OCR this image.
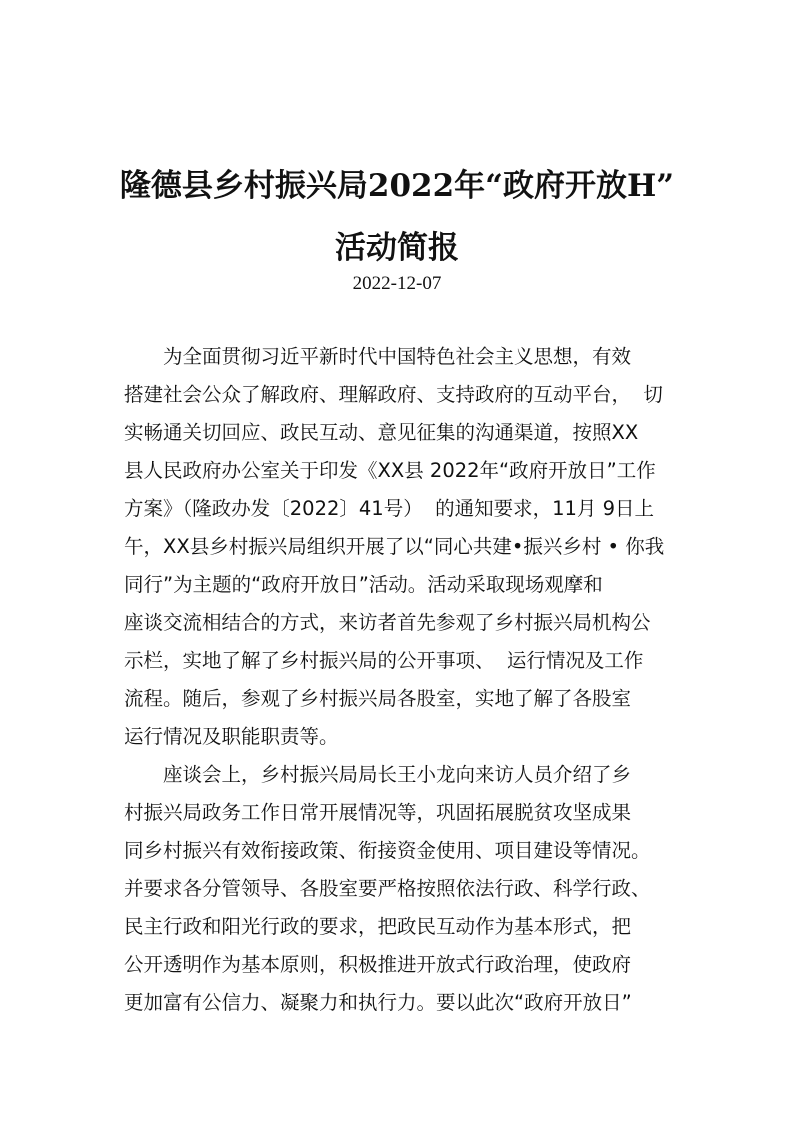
隆德县乡村振兴局2022年“政府开放H”
活动简报
2022-12-07
为全面贯彻习近平新时代中国特色社会主义思想，有效
搭建社会公众了解政府、理解政府、支持政府的互动平台，  切
实畅通关切回应、政民互动、意见征集的沟通渠道，按照XX
县人民政府办公室关于印发《XX县 2022年“政府开放日”工作
方案》（隆政办发〔2022〕41号）  的通知要求，11月 9日上
午，XX县乡村振兴局组织开展了以“同心共建•振兴乡村 • 你我
同行”为主题的“政府开放日”活动。活动采取现场观摩和
座谈交流相结合的方式，来访者首先参观了乡村振兴局机构公
示栏，实地了解了乡村振兴局的公开事项、  运行情况及工作
流程。随后，参观了乡村振兴局各股室，实地了解了各股室
运行情况及职能职责等。
座谈会上，乡村振兴局局长王小龙向来访人员介绍了乡
村振兴局政务工作日常开展情况等，巩固拓展脱贫攻坚成果
同乡村振兴有效衔接政策、衔接资金使用、项目建设等情况。
并要求各分管领导、各股室要严格按照依法行政、科学行政、
民主行政和阳光行政的要求，把政民互动作为基本形式，把
公开透明作为基本原则，积极推进开放式行政治理，使政府
更加富有公信力、凝聚力和执行力。要以此次“政府开放日”
